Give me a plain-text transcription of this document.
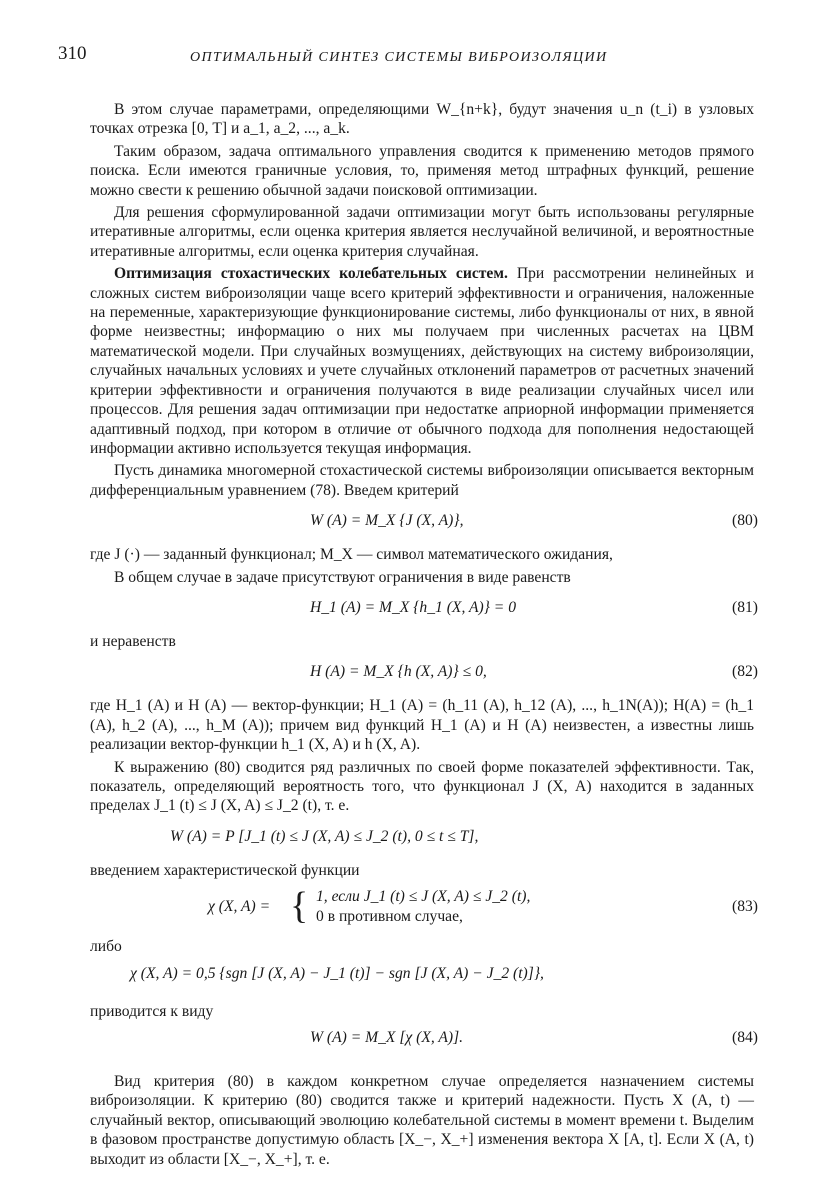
310	ОПТИМАЛЬНЫЙ СИНТЕЗ СИСТЕМЫ ВИБРОИЗОЛЯЦИИ

В этом случае параметрами, определяющими W_{n+k}, будут значения u_n (t_i) в узловых точках отрезка [0, T] и a_1, a_2, ..., a_k.

Таким образом, задача оптимального управления сводится к применению методов прямого поиска. Если имеются граничные условия, то, применяя метод штрафных функций, решение можно свести к решению обычной задачи поисковой оптимизации.

Для решения сформулированной задачи оптимизации могут быть использованы регулярные итеративные алгоритмы, если оценка критерия является неслучайной величиной, и вероятностные итеративные алгоритмы, если оценка критерия случайная.

Оптимизация стохастических колебательных систем. При рассмотрении нелинейных и сложных систем виброизоляции чаще всего критерий эффективности и ограничения, наложенные на переменные, характеризующие функционирование системы, либо функционалы от них, в явной форме неизвестны; информацию о них мы получаем при численных расчетах на ЦВМ математической модели. При случайных возмущениях, действующих на систему виброизоляции, случайных начальных условиях и учете случайных отклонений параметров от расчетных значений критерии эффективности и ограничения получаются в виде реализации случайных чисел или процессов. Для решения задач оптимизации при недостатке априорной информации применяется адаптивный подход, при котором в отличие от обычного подхода для пополнения недостающей информации активно используется текущая информация.

Пусть динамика многомерной стохастической системы виброизоляции описывается векторным дифференциальным уравнением (78). Введем критерий

W (A) = M_X {J (X, A)},	(80)

где J (·) — заданный функционал; M_X — символ математического ожидания,

В общем случае в задаче присутствуют ограничения в виде равенств

H_1 (A) = M_X {h_1 (X, A)} = 0	(81)

и неравенств

H (A) = M_X {h (X, A)} ≤ 0,	(82)

где H_1 (A) и H (A) — вектор-функции; H_1 (A) = (h_11 (A), h_12 (A), ..., h_1N(A)); H(A) = (h_1 (A), h_2 (A), ..., h_M (A)); причем вид функций H_1 (A) и H (A) неизвестен, а известны лишь реализации вектор-функции h_1 (X, A) и h (X, A).

К выражению (80) сводится ряд различных по своей форме показателей эффективности. Так, показатель, определяющий вероятность того, что функционал J (X, A) находится в заданных пределах J_1 (t) ≤ J (X, A) ≤ J_2 (t), т. е.

W (A) = P [J_1 (t) ≤ J (X, A) ≤ J_2 (t), 0 ≤ t ≤ T],

введением характеристической функции

χ (X, A) = { 1, если J_1 (t) ≤ J (X, A) ≤ J_2 (t),
0 в противном случае,
(83)

либо

χ (X, A) = 0,5 {sgn [J (X, A) − J_1 (t)] − sgn [J (X, A) − J_2 (t)]},

приводится к виду

W (A) = M_X [χ (X, A)].	(84)

Вид критерия (80) в каждом конкретном случае определяется назначением системы виброизоляции. К критерию (80) сводится также и критерий надежности. Пусть X (A, t) — случайный вектор, описывающий эволюцию колебательной системы в момент времени t. Выделим в фазовом пространстве допустимую область [X_−, X_+] изменения вектора X [A, t]. Если X (A, t) выходит из области [X_−, X_+], т. е.
